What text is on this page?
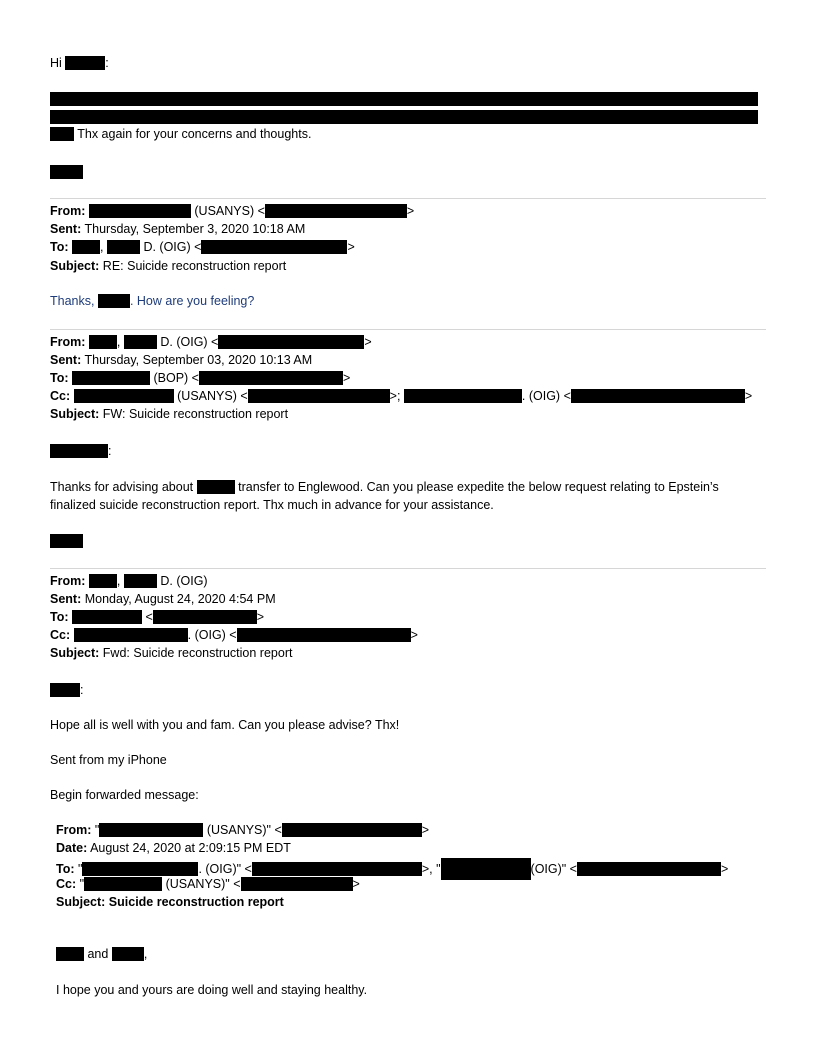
Hi	:
Thx again for your concerns and thoughts.
From:	(USANYS) <	>
Sent: Thursday, September 3, 2020 10:18 AM
To:	,	D. (OIG) <	>
Subject: RE: Suicide reconstruction report
Thanks,	. How are you feeling?
From:	,	D. (OIG) <	>
Sent: Thursday, September 03, 2020 10:13 AM
To:	(BOP) <	>
Cc:	(USANYS) <	>;	. (OIG) <	>
Subject: FW: Suicide reconstruction report
:
Thanks for advising about	transfer to Englewood. Can you please expedite the below request relating to Epstein’s
finalized suicide reconstruction report. Thx much in advance for your assistance.
From:	,	D. (OIG)
Sent: Monday, August 24, 2020 4:54 PM
To:	<	>
Cc:	. (OIG) <	>
Subject: Fwd: Suicide reconstruction report
:
Hope all is well with you and fam. Can you please advise? Thx!
Sent from my iPhone
Begin forwarded message:
From: "	(USANYS)" <	>
Date: August 24, 2020 at 2:09:15 PM EDT
To: "	. (OIG)" <	>, "	(OIG)" <	>
Cc: "	(USANYS)" <	>
Subject: Suicide reconstruction report
and	,
I hope you and yours are doing well and staying healthy.
